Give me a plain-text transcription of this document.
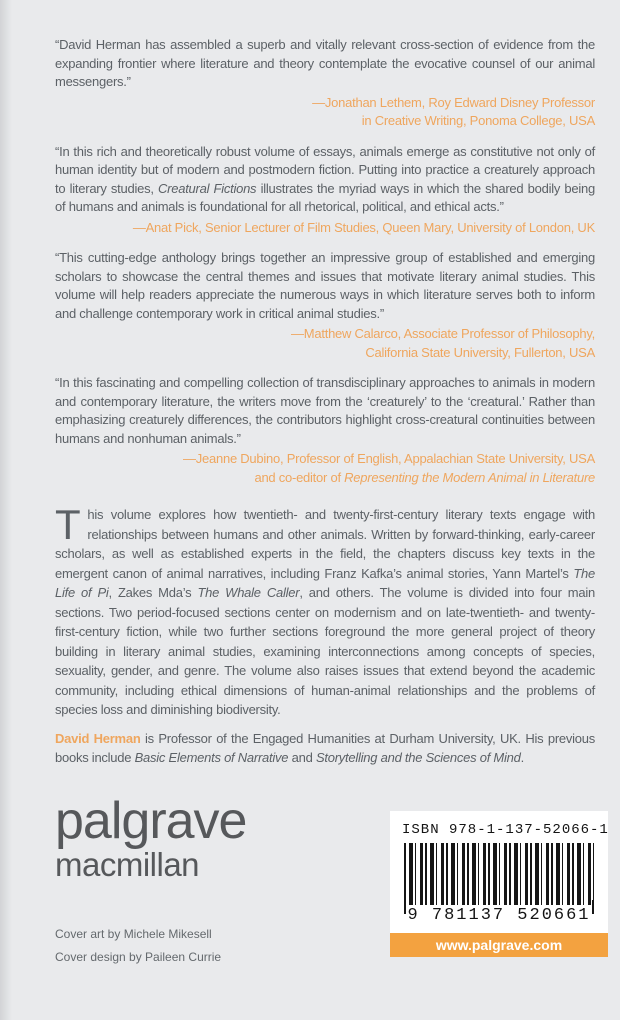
“David Herman has assembled a superb and vitally relevant cross-section of evidence from the expanding frontier where literature and theory contemplate the evocative counsel of our animal messengers.”

—Jonathan Lethem, Roy Edward Disney Professor
in Creative Writing, Ponoma College, USA

“In this rich and theoretically robust volume of essays, animals emerge as constitutive not only of human identity but of modern and postmodern fiction. Putting into practice a creaturely approach to literary studies, Creatural Fictions illustrates the myriad ways in which the shared bodily being of humans and animals is foundational for all rhetorical, political, and ethical acts.”

—Anat Pick, Senior Lecturer of Film Studies, Queen Mary, University of London, UK

“This cutting-edge anthology brings together an impressive group of established and emerging scholars to showcase the central themes and issues that motivate literary animal studies. This volume will help readers appreciate the numerous ways in which literature serves both to inform and challenge contemporary work in critical animal studies.”

—Matthew Calarco, Associate Professor of Philosophy,
California State University, Fullerton, USA

“In this fascinating and compelling collection of transdisciplinary approaches to animals in modern and contemporary literature, the writers move from the ‘creaturely’ to the ‘creatural.’ Rather than emphasizing creaturely differences, the contributors highlight cross-creatural continuities between humans and nonhuman animals.”

—Jeanne Dubino, Professor of English, Appalachian State University, USA
and co-editor of Representing the Modern Animal in Literature

This volume explores how twentieth- and twenty-first-century literary texts engage with relationships between humans and other animals. Written by forward-thinking, early-career scholars, as well as established experts in the field, the chapters discuss key texts in the emergent canon of animal narratives, including Franz Kafka’s animal stories, Yann Martel’s The Life of Pi, Zakes Mda’s The Whale Caller, and others. The volume is divided into four main sections. Two period-focused sections center on modernism and on late-twentieth- and twenty-first-century fiction, while two further sections foreground the more general project of theory building in literary animal studies, examining interconnections among concepts of species, sexuality, gender, and genre. The volume also raises issues that extend beyond the academic community, including ethical dimensions of human-animal relationships and the problems of species loss and diminishing biodiversity.

David Herman is Professor of the Engaged Humanities at Durham University, UK. His previous books include Basic Elements of Narrative and Storytelling and the Sciences of Mind.

palgrave
macmillan
Cover art by Michele Mikesell
Cover design by Paileen Currie
ISBN 978-1-137-52066-1
9 781137 520661
www.palgrave.com
